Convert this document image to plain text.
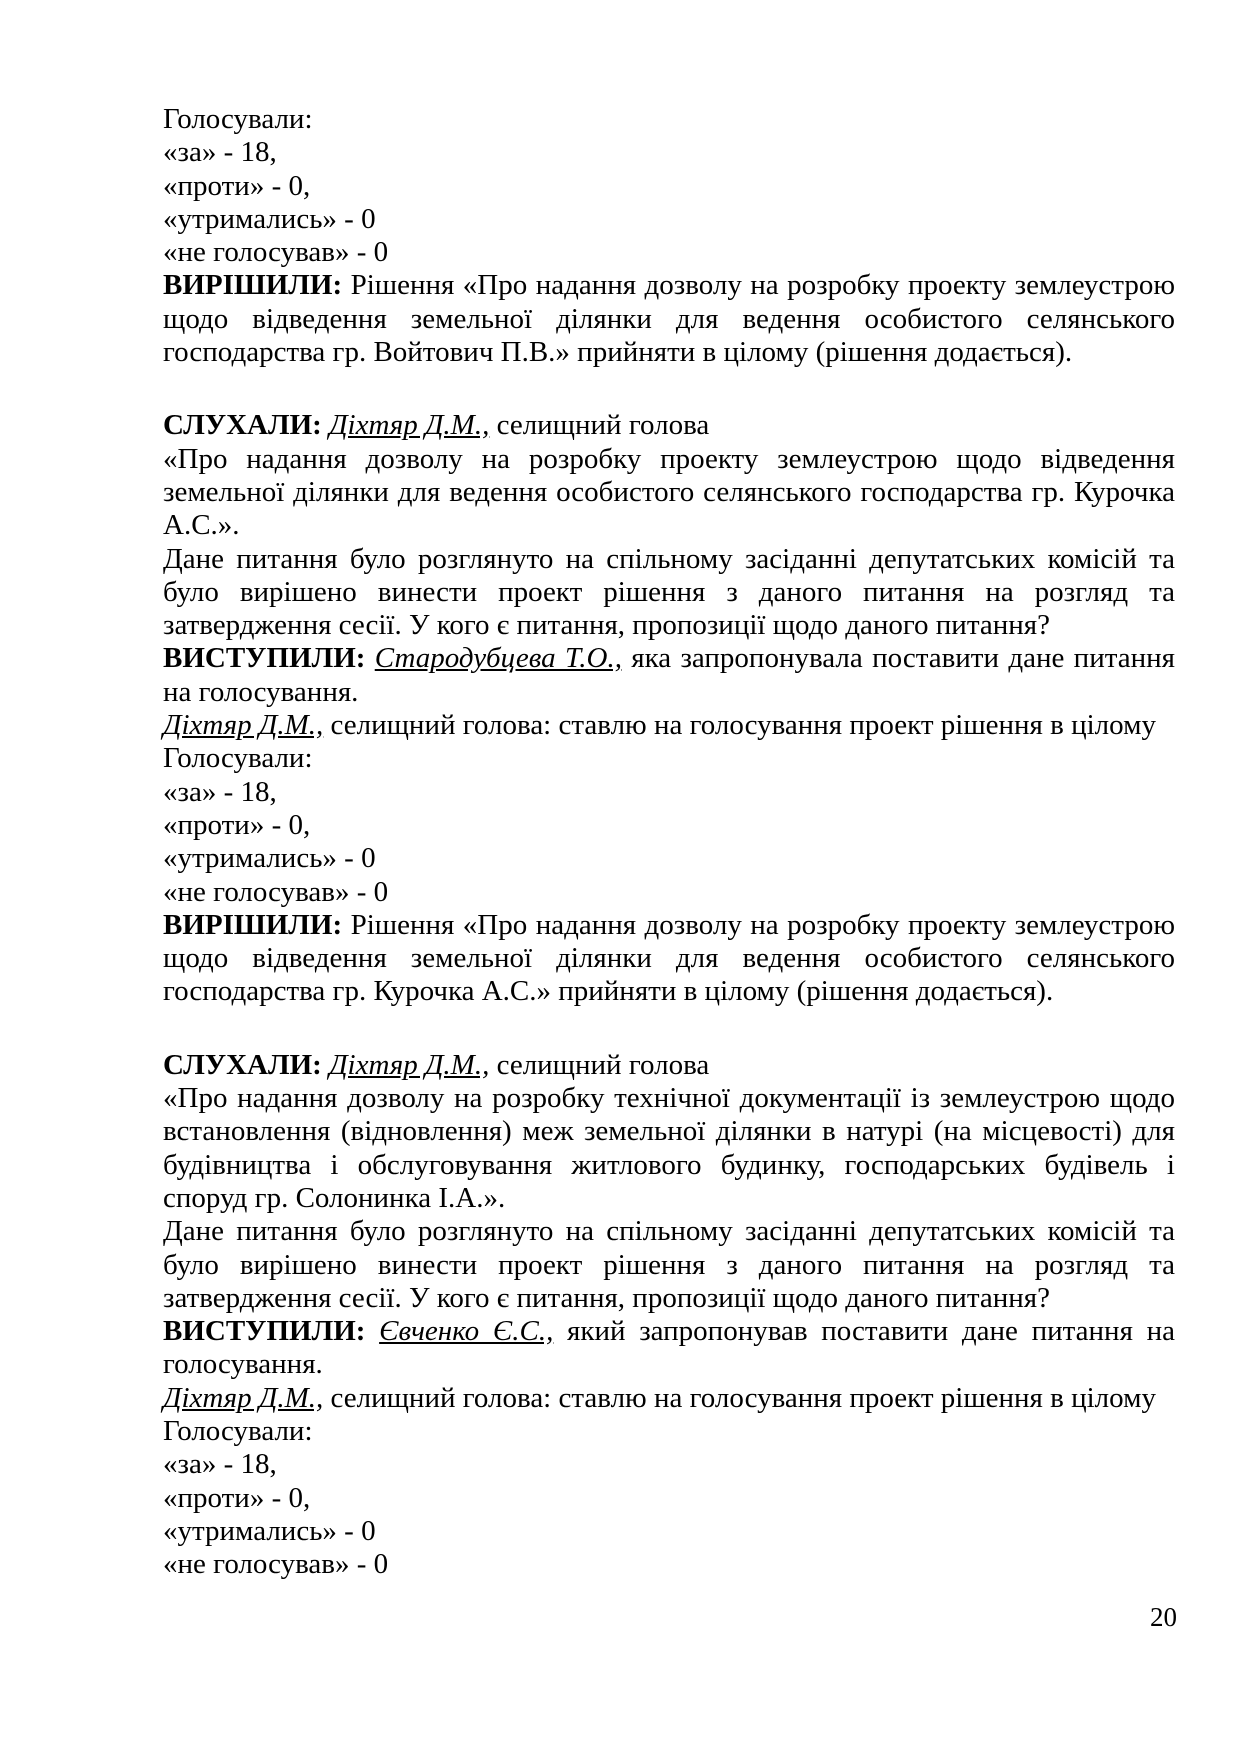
Голосували:
«за» - 18,
«проти» - 0,
«утримались» - 0
«не голосував» - 0
ВИРІШИЛИ: Рішення «Про надання дозволу на розробку проекту землеустрою щодо відведення земельної ділянки для ведення особистого селянського господарства гр. Войтович П.В.» прийняти в цілому (рішення додається).
СЛУХАЛИ: Діхтяр Д.М., селищний голова
«Про надання дозволу на розробку проекту землеустрою щодо відведення земельної ділянки для ведення особистого селянського господарства гр. Курочка А.С.».
Дане питання було розглянуто на спільному засіданні депутатських комісій та було вирішено винести проект рішення з даного питання на розгляд та затвердження сесії. У кого є питання, пропозиції щодо даного питання?
ВИСТУПИЛИ: Стародубцева Т.О., яка запропонувала поставити дане питання на голосування.
Діхтяр Д.М., селищний голова: ставлю на голосування проект рішення в цілому
Голосували:
«за» - 18,
«проти» - 0,
«утримались» - 0
«не голосував» - 0
ВИРІШИЛИ: Рішення «Про надання дозволу на розробку проекту землеустрою щодо відведення земельної ділянки для ведення особистого селянського господарства гр. Курочка А.С.» прийняти в цілому (рішення додається).
СЛУХАЛИ: Діхтяр Д.М., селищний голова
«Про надання дозволу на розробку технічної документації із землеустрою щодо встановлення (відновлення) меж земельної ділянки в натурі (на місцевості) для будівництва і обслуговування житлового будинку, господарських будівель і споруд гр. Солонинка І.А.».
Дане питання було розглянуто на спільному засіданні депутатських комісій та було вирішено винести проект рішення з даного питання на розгляд та затвердження сесії. У кого є питання, пропозиції щодо даного питання?
ВИСТУПИЛИ: Євченко Є.С., який запропонував поставити дане питання на голосування.
Діхтяр Д.М., селищний голова: ставлю на голосування проект рішення в цілому
Голосували:
«за» - 18,
«проти» - 0,
«утримались» - 0
«не голосував» - 0
20
